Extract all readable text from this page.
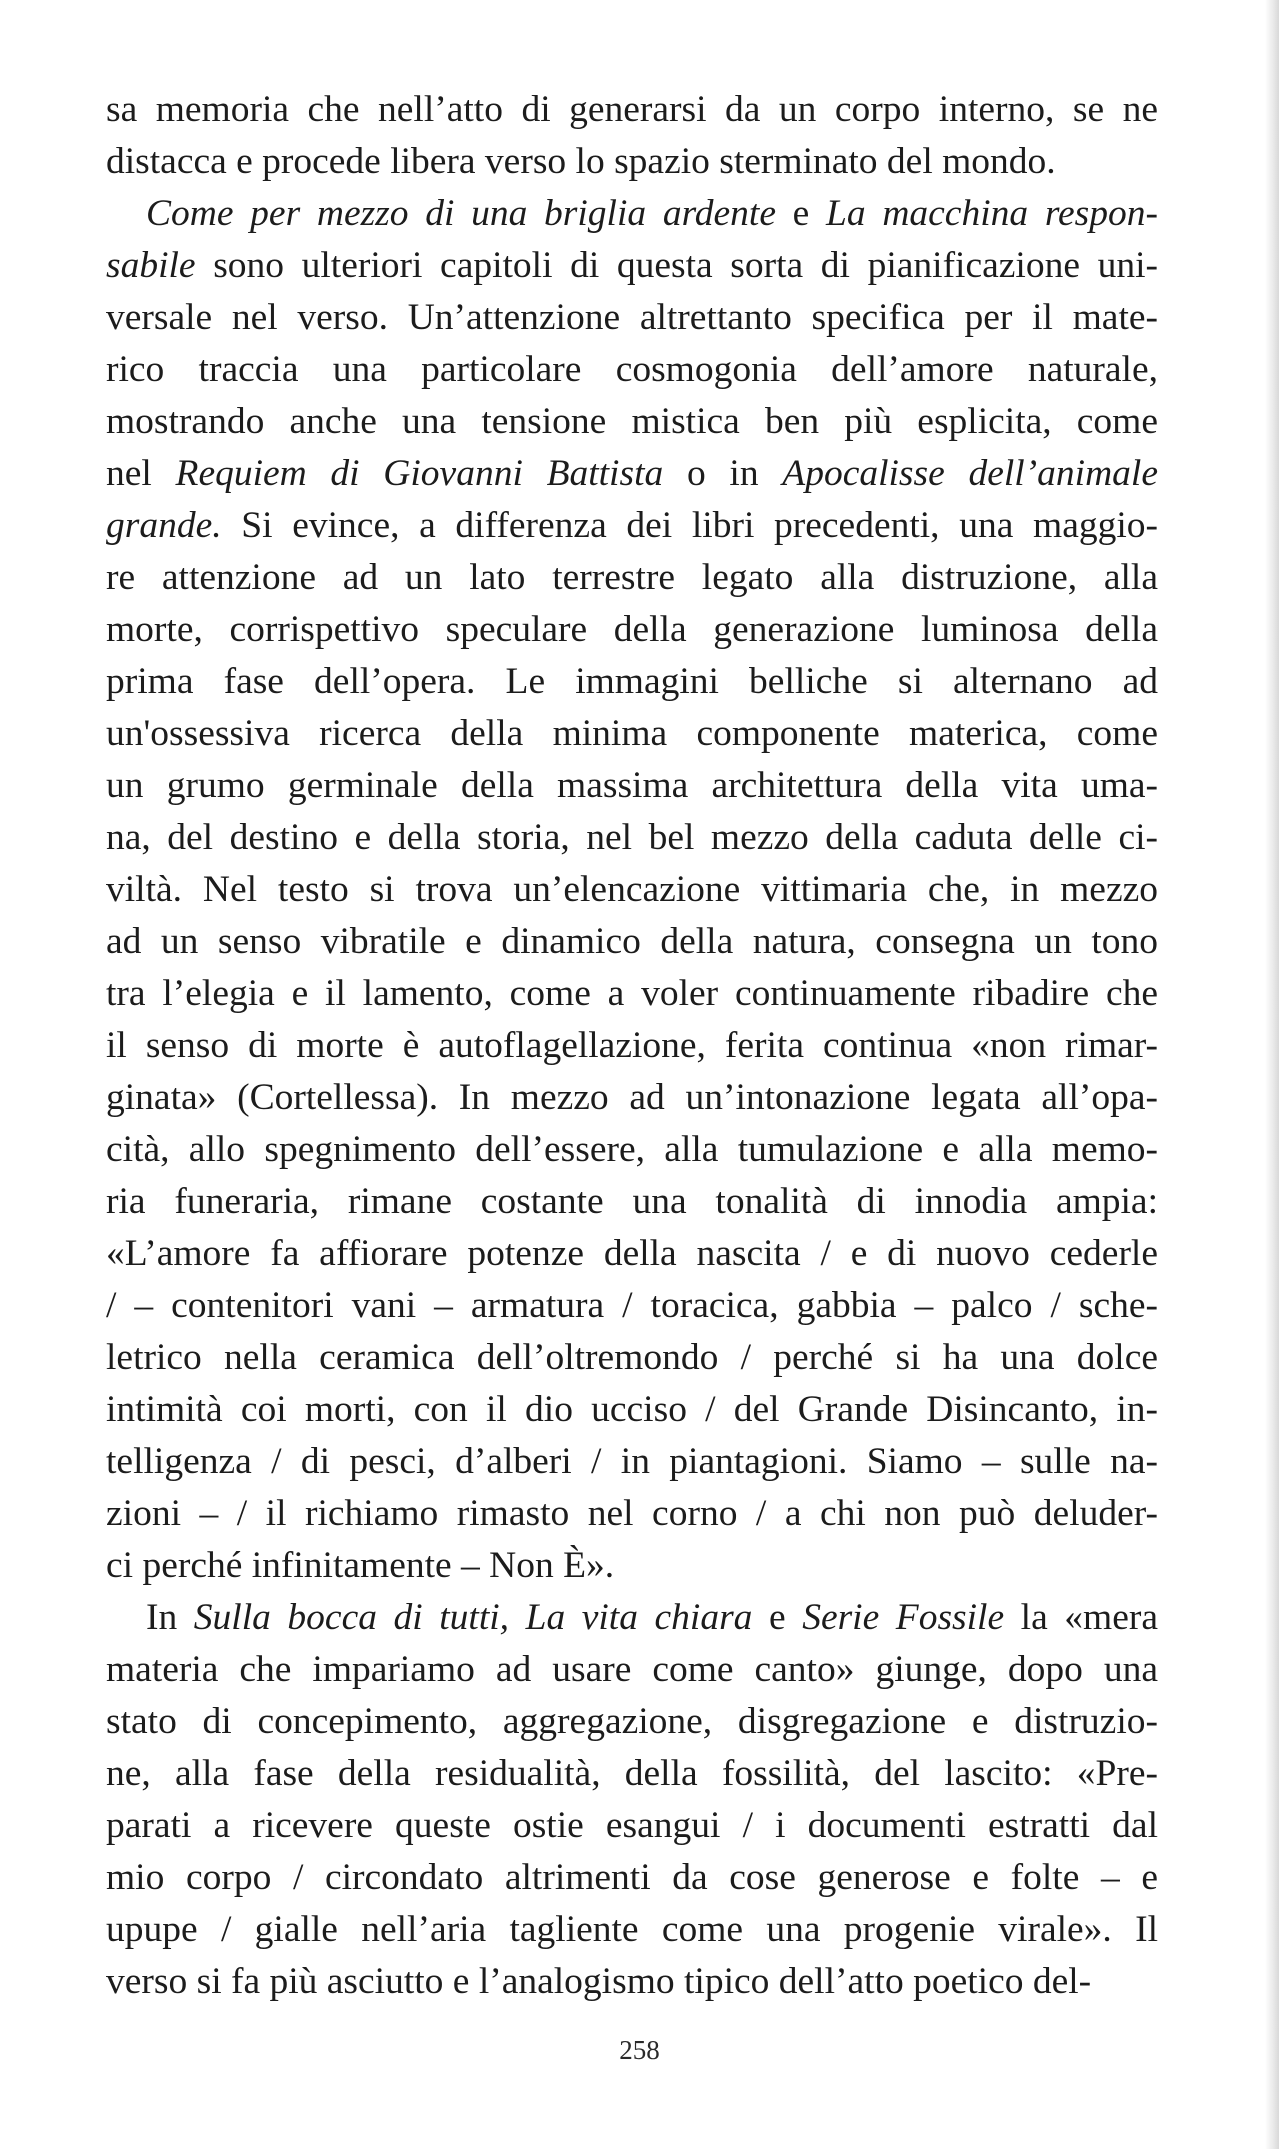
sa memoria che nell’atto di generarsi da un corpo interno, se ne
distacca e procede libera verso lo spazio sterminato del mondo.
Come per mezzo di una briglia ardente e La macchina respon-
sabile sono ulteriori capitoli di questa sorta di pianificazione uni-
versale nel verso. Un’attenzione altrettanto specifica per il mate-
rico traccia una particolare cosmogonia dell’amore naturale,
mostrando anche una tensione mistica ben più esplicita, come
nel Requiem di Giovanni Battista o in Apocalisse dell’animale
grande. Si evince, a differenza dei libri precedenti, una maggio-
re attenzione ad un lato terrestre legato alla distruzione, alla
morte, corrispettivo speculare della generazione luminosa della
prima fase dell’opera. Le immagini belliche si alternano ad
un'ossessiva ricerca della minima componente materica, come
un grumo germinale della massima architettura della vita uma-
na, del destino e della storia, nel bel mezzo della caduta delle ci-
viltà. Nel testo si trova un’elencazione vittimaria che, in mezzo
ad un senso vibratile e dinamico della natura, consegna un tono
tra l’elegia e il lamento, come a voler continuamente ribadire che
il senso di morte è autoflagellazione, ferita continua «non rimar-
ginata» (Cortellessa). In mezzo ad un’intonazione legata all’opa-
cità, allo spegnimento dell’essere, alla tumulazione e alla memo-
ria funeraria, rimane costante una tonalità di innodia ampia:
«L’amore fa affiorare potenze della nascita / e di nuovo cederle
/ – contenitori vani – armatura / toracica, gabbia – palco / sche-
letrico nella ceramica dell’oltremondo / perché si ha una dolce
intimità coi morti, con il dio ucciso / del Grande Disincanto, in-
telligenza / di pesci, d’alberi / in piantagioni. Siamo – sulle na-
zioni – / il richiamo rimasto nel corno / a chi non può deluder-
ci perché infinitamente – Non È».
In Sulla bocca di tutti, La vita chiara e Serie Fossile la «mera
materia che impariamo ad usare come canto» giunge, dopo una
stato di concepimento, aggregazione, disgregazione e distruzio-
ne, alla fase della residualità, della fossilità, del lascito: «Pre-
parati a ricevere queste ostie esangui / i documenti estratti dal
mio corpo / circondato altrimenti da cose generose e folte – e
upupe / gialle nell’aria tagliente come una progenie virale». Il
verso si fa più asciutto e l’analogismo tipico dell’atto poetico del-
258
